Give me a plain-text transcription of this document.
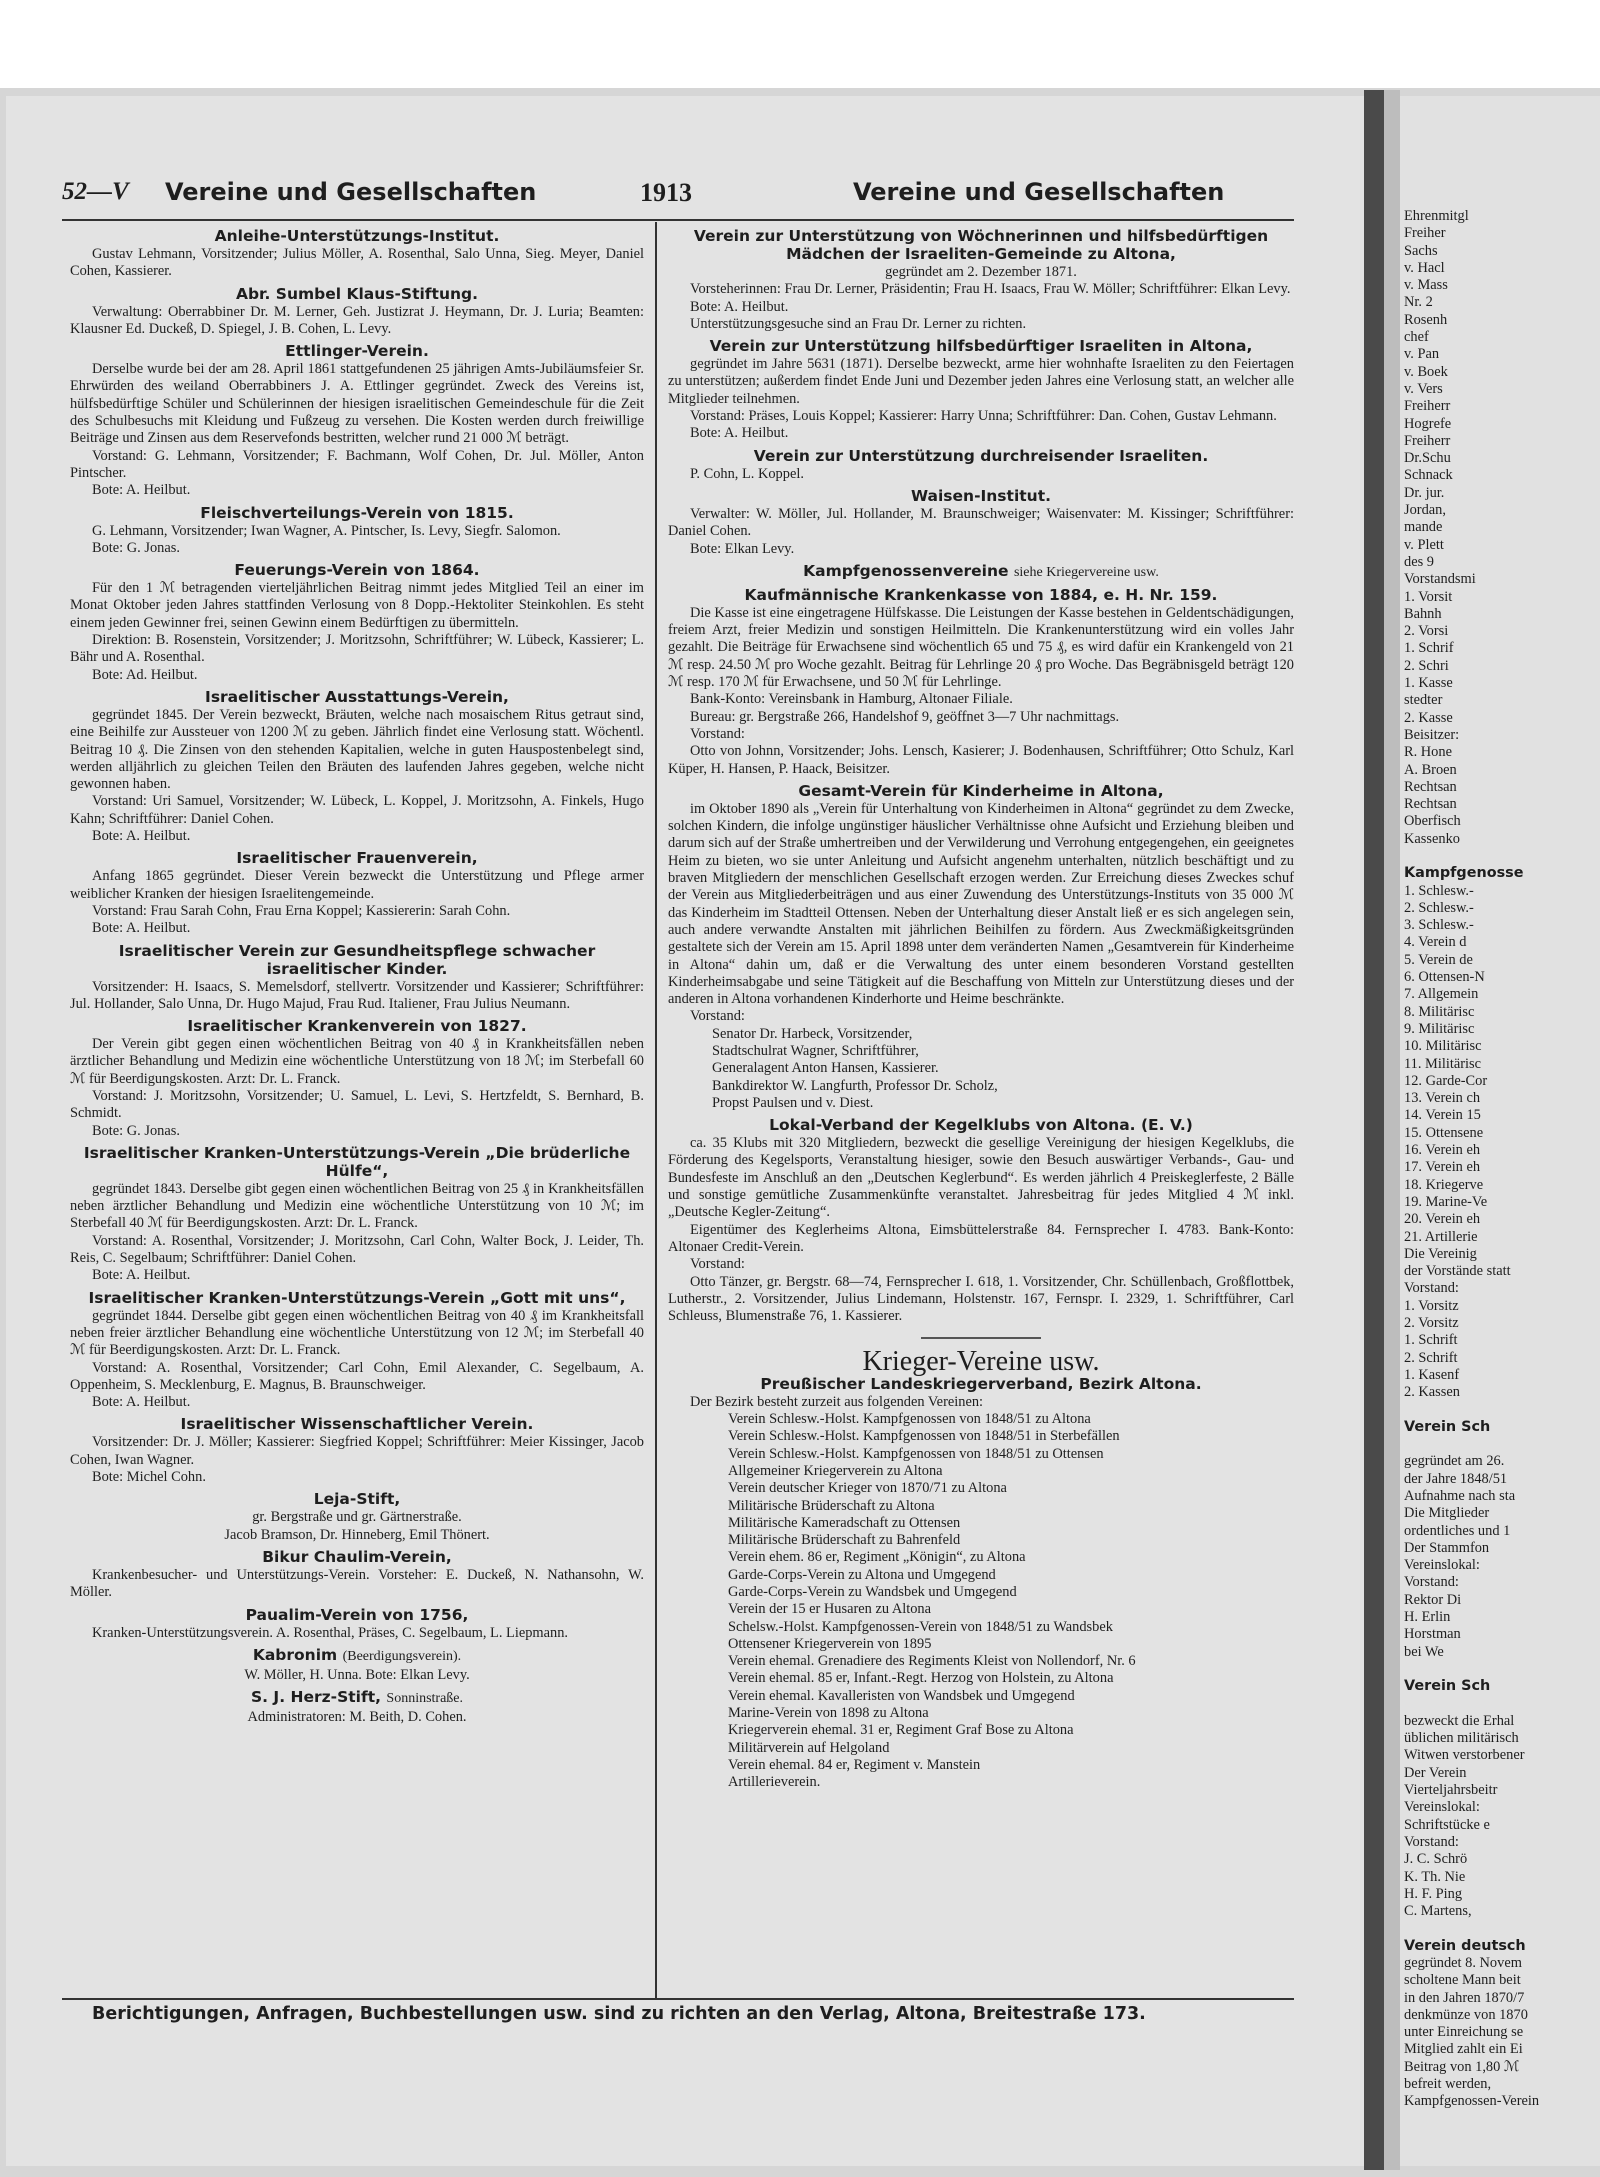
52—V Vereine und Gesellschaften	1913	Vereine und Gesellschaften
Anleihe-Unterstützungs-Institut.

Gustav Lehmann, Vorsitzender; Julius Möller, A. Rosenthal, Salo Unna, Sieg. Meyer, Daniel Cohen, Kassierer.

Abr. Sumbel Klaus-Stiftung.

Verwaltung: Oberrabbiner Dr. M. Lerner, Geh. Justizrat J. Heymann, Dr. J. Luria; Beamten: Klausner Ed. Duckeß, D. Spiegel, J. B. Cohen, L. Levy.

Ettlinger-Verein.

Derselbe wurde bei der am 28. April 1861 stattgefundenen 25 jährigen Amts-Jubiläumsfeier Sr. Ehrwürden des weiland Oberrabbiners J. A. Ettlinger gegründet. Zweck des Vereins ist, hülfsbedürftige Schüler und Schülerinnen der hiesigen israelitischen Gemeindeschule für die Zeit des Schulbesuchs mit Kleidung und Fußzeug zu versehen. Die Kosten werden durch freiwillige Beiträge und Zinsen aus dem Reservefonds bestritten, welcher rund 21 000 ℳ beträgt.

Vorstand: G. Lehmann, Vorsitzender; F. Bachmann, Wolf Cohen, Dr. Jul. Möller, Anton Pintscher.

Bote: A. Heilbut.

Fleischverteilungs-Verein von 1815.

G. Lehmann, Vorsitzender; Iwan Wagner, A. Pintscher, Is. Levy, Siegfr. Salomon.

Bote: G. Jonas.

Feuerungs-Verein von 1864.

Für den 1 ℳ betragenden vierteljährlichen Beitrag nimmt jedes Mitglied Teil an einer im Monat Oktober jeden Jahres stattfinden Verlosung von 8 Dopp.-Hektoliter Steinkohlen. Es steht einem jeden Gewinner frei, seinen Gewinn einem Bedürftigen zu übermitteln.

Direktion: B. Rosenstein, Vorsitzender; J. Moritzsohn, Schriftführer; W. Lübeck, Kassierer; L. Bähr und A. Rosenthal.

Bote: Ad. Heilbut.

Israelitischer Ausstattungs-Verein,

gegründet 1845. Der Verein bezweckt, Bräuten, welche nach mosaischem Ritus getraut sind, eine Beihilfe zur Aussteuer von 1200 ℳ zu geben. Jährlich findet eine Verlosung statt. Wöchentl. Beitrag 10 ₰. Die Zinsen von den stehenden Kapitalien, welche in guten Hauspostenbelegt sind, werden alljährlich zu gleichen Teilen den Bräuten des laufenden Jahres gegeben, welche nicht gewonnen haben.

Vorstand: Uri Samuel, Vorsitzender; W. Lübeck, L. Koppel, J. Moritzsohn, A. Finkels, Hugo Kahn; Schriftführer: Daniel Cohen.

Bote: A. Heilbut.

Israelitischer Frauenverein,

Anfang 1865 gegründet. Dieser Verein bezweckt die Unterstützung und Pflege armer weiblicher Kranken der hiesigen Israelitengemeinde.

Vorstand: Frau Sarah Cohn, Frau Erna Koppel; Kassiererin: Sarah Cohn.

Bote: A. Heilbut.

Israelitischer Verein zur Gesundheitspflege schwacher israelitischer Kinder.

Vorsitzender: H. Isaacs, S. Memelsdorf, stellvertr. Vorsitzender und Kassierer; Schriftführer: Jul. Hollander, Salo Unna, Dr. Hugo Majud, Frau Rud. Italiener, Frau Julius Neumann.

Israelitischer Krankenverein von 1827.

Der Verein gibt gegen einen wöchentlichen Beitrag von 40 ₰ in Krankheitsfällen neben ärztlicher Behandlung und Medizin eine wöchentliche Unterstützung von 18 ℳ; im Sterbefall 60 ℳ für Beerdigungskosten. Arzt: Dr. L. Franck.

Vorstand: J. Moritzsohn, Vorsitzender; U. Samuel, L. Levi, S. Hertzfeldt, S. Bernhard, B. Schmidt.

Bote: G. Jonas.

Israelitischer Kranken-Unterstützungs-Verein „Die brüderliche Hülfe“,

gegründet 1843. Derselbe gibt gegen einen wöchentlichen Beitrag von 25 ₰ in Krankheitsfällen neben ärztlicher Behandlung und Medizin eine wöchentliche Unterstützung von 10 ℳ; im Sterbefall 40 ℳ für Beerdigungskosten. Arzt: Dr. L. Franck.

Vorstand: A. Rosenthal, Vorsitzender; J. Moritzsohn, Carl Cohn, Walter Bock, J. Leider, Th. Reis, C. Segelbaum; Schriftführer: Daniel Cohen.

Bote: A. Heilbut.

Israelitischer Kranken-Unterstützungs-Verein „Gott mit uns“,

gegründet 1844. Derselbe gibt gegen einen wöchentlichen Beitrag von 40 ₰ im Krankheitsfall neben freier ärztlicher Behandlung eine wöchentliche Unterstützung von 12 ℳ; im Sterbefall 40 ℳ für Beerdigungskosten. Arzt: Dr. L. Franck.

Vorstand: A. Rosenthal, Vorsitzender; Carl Cohn, Emil Alexander, C. Segelbaum, A. Oppenheim, S. Mecklenburg, E. Magnus, B. Braunschweiger.

Bote: A. Heilbut.

Israelitischer Wissenschaftlicher Verein.

Vorsitzender: Dr. J. Möller; Kassierer: Siegfried Koppel; Schriftführer: Meier Kissinger, Jacob Cohen, Iwan Wagner.

Bote: Michel Cohn.

Leja-Stift,
gr. Bergstraße und gr. Gärtnerstraße.
Jacob Bramson, Dr. Hinneberg, Emil Thönert.
Bikur Chaulim-Verein,

Krankenbesucher- und Unterstützungs-Verein. Vorsteher: E. Duckeß, N. Nathansohn, W. Möller.

Paualim-Verein von 1756,

Kranken-Unterstützungsverein. A. Rosenthal, Präses, C. Segelbaum, L. Liepmann.

Kabronim (Beerdigungsverein).
W. Möller, H. Unna. Bote: Elkan Levy.
S. J. Herz-Stift, Sonninstraße.
Administratoren: M. Beith, D. Cohen.
Verein zur Unterstützung von Wöchnerinnen und hilfsbedürftigen Mädchen der Israeliten-Gemeinde zu Altona,
gegründet am 2. Dezember 1871.

Vorsteherinnen: Frau Dr. Lerner, Präsidentin; Frau H. Isaacs, Frau W. Möller; Schriftführer: Elkan Levy.

Bote: A. Heilbut.

Unterstützungsgesuche sind an Frau Dr. Lerner zu richten.

Verein zur Unterstützung hilfsbedürftiger Israeliten in Altona,

gegründet im Jahre 5631 (1871). Derselbe bezweckt, arme hier wohnhafte Israeliten zu den Feiertagen zu unterstützen; außerdem findet Ende Juni und Dezember jeden Jahres eine Verlosung statt, an welcher alle Mitglieder teilnehmen.

Vorstand: Präses, Louis Koppel; Kassierer: Harry Unna; Schriftführer: Dan. Cohen, Gustav Lehmann.

Bote: A. Heilbut.

Verein zur Unterstützung durchreisender Israeliten.

P. Cohn, L. Koppel.

Waisen-Institut.

Verwalter: W. Möller, Jul. Hollander, M. Braunschweiger; Waisenvater: M. Kissinger; Schriftführer: Daniel Cohen.

Bote: Elkan Levy.

Kampfgenossenvereine siehe Kriegervereine usw.
Kaufmännische Krankenkasse von 1884, e. H. Nr. 159.

Die Kasse ist eine eingetragene Hülfskasse. Die Leistungen der Kasse bestehen in Geldentschädigungen, freiem Arzt, freier Medizin und sonstigen Heilmitteln. Die Krankenunterstützung wird ein volles Jahr gezahlt. Die Beiträge für Erwachsene sind wöchentlich 65 und 75 ₰, es wird dafür ein Krankengeld von 21 ℳ resp. 24.50 ℳ pro Woche gezahlt. Beitrag für Lehrlinge 20 ₰ pro Woche. Das Begräbnisgeld beträgt 120 ℳ resp. 170 ℳ für Erwachsene, und 50 ℳ für Lehrlinge.

Bank-Konto: Vereinsbank in Hamburg, Altonaer Filiale.

Bureau: gr. Bergstraße 266, Handelshof 9, geöffnet 3—7 Uhr nachmittags.

Vorstand:

Otto von Johnn, Vorsitzender; Johs. Lensch, Kasierer; J. Bodenhausen, Schriftführer; Otto Schulz, Karl Küper, H. Hansen, P. Haack, Beisitzer.

Gesamt-Verein für Kinderheime in Altona,

im Oktober 1890 als „Verein für Unterhaltung von Kinderheimen in Altona“ gegründet zu dem Zwecke, solchen Kindern, die infolge ungünstiger häuslicher Verhältnisse ohne Aufsicht und Erziehung bleiben und darum sich auf der Straße umhertreiben und der Verwilderung und Verrohung entgegengehen, ein geeignetes Heim zu bieten, wo sie unter Anleitung und Aufsicht angenehm unterhalten, nützlich beschäftigt und zu braven Mitgliedern der menschlichen Gesellschaft erzogen werden. Zur Erreichung dieses Zweckes schuf der Verein aus Mitgliederbeiträgen und aus einer Zuwendung des Unterstützungs-Instituts von 35 000 ℳ das Kinderheim im Stadtteil Ottensen. Neben der Unterhaltung dieser Anstalt ließ er es sich angelegen sein, auch andere verwandte Anstalten mit jährlichen Beihilfen zu fördern. Aus Zweckmäßigkeitsgründen gestaltete sich der Verein am 15. April 1898 unter dem veränderten Namen „Gesamtverein für Kinderheime in Altona“ dahin um, daß er die Verwaltung des unter einem besonderen Vorstand gestellten Kinderheimsabgabe und seine Tätigkeit auf die Beschaffung von Mitteln zur Unterstützung dieses und der anderen in Altona vorhandenen Kinderhorte und Heime beschränkte.

Vorstand:

Senator Dr. Harbeck, Vorsitzender,

Stadtschulrat Wagner, Schriftführer,

Generalagent Anton Hansen, Kassierer.

Bankdirektor W. Langfurth, Professor Dr. Scholz,

Propst Paulsen und v. Diest.

Lokal-Verband der Kegelklubs von Altona. (E. V.)

ca. 35 Klubs mit 320 Mitgliedern, bezweckt die gesellige Vereinigung der hiesigen Kegelklubs, die Förderung des Kegelsports, Veranstaltung hiesiger, sowie den Besuch auswärtiger Verbands-, Gau- und Bundesfeste im Anschluß an den „Deutschen Keglerbund“. Es werden jährlich 4 Preiskeglerfeste, 2 Bälle und sonstige gemütliche Zusammenkünfte veranstaltet. Jahresbeitrag für jedes Mitglied 4 ℳ inkl. „Deutsche Kegler-Zeitung“.

Eigentümer des Keglerheims Altona, Eimsbüttelerstraße 84. Fernsprecher I. 4783. Bank-Konto: Altonaer Credit-Verein.

Vorstand:

Otto Tänzer, gr. Bergstr. 68—74, Fernsprecher I. 618, 1. Vorsitzender, Chr. Schüllenbach, Großflottbek, Lutherstr., 2. Vorsitzender, Julius Lindemann, Holstenstr. 167, Fernspr. I. 2329, 1. Schriftführer, Carl Schleuss, Blumenstraße 76, 1. Kassierer.

Krieger-Vereine usw.
Preußischer Landeskriegerverband, Bezirk Altona.

Der Bezirk besteht zurzeit aus folgenden Vereinen:

Verein Schlesw.-Holst. Kampfgenossen von 1848/51 zu Altona

Verein Schlesw.-Holst. Kampfgenossen von 1848/51 in Sterbefällen

Verein Schlesw.-Holst. Kampfgenossen von 1848/51 zu Ottensen

Allgemeiner Kriegerverein zu Altona

Verein deutscher Krieger von 1870/71 zu Altona

Militärische Brüderschaft zu Altona

Militärische Kameradschaft zu Ottensen

Militärische Brüderschaft zu Bahrenfeld

Verein ehem. 86 er, Regiment „Königin“, zu Altona

Garde-Corps-Verein zu Altona und Umgegend

Garde-Corps-Verein zu Wandsbek und Umgegend

Verein der 15 er Husaren zu Altona

Schelsw.-Holst. Kampfgenossen-Verein von 1848/51 zu Wandsbek

Ottensener Kriegerverein von 1895

Verein ehemal. Grenadiere des Regiments Kleist von Nollendorf, Nr. 6

Verein ehemal. 85 er, Infant.-Regt. Herzog von Holstein, zu Altona

Verein ehemal. Kavalleristen von Wandsbek und Umgegend

Marine-Verein von 1898 zu Altona

Kriegerverein ehemal. 31 er, Regiment Graf Bose zu Altona

Militärverein auf Helgoland

Verein ehemal. 84 er, Regiment v. Manstein

Artillerieverein.

Berichtigungen, Anfragen, Buchbestellungen usw. sind zu richten an den Verlag, Altona, Breitestraße 173.
Ehrenmitgl
Freiher
Sachs
v. Hacl
v. Mass
Nr. 2
Rosenh
chef
v. Pan
v. Boek
v. Vers
Freiherr
Hogrefe
Freiherr
Dr.Schu
Schnack
Dr. jur.
Jordan,
mande
v. Plett
des 9
Vorstandsmi
1. Vorsit
Bahnh
2. Vorsi
1. Schrif
2. Schri
1. Kasse
stedter
2. Kasse
Beisitzer:
R. Hone
A. Broen
Rechtsan
Rechtsan
Oberfisch
Kassenko
Kampfgenosse
1. Schlesw.-
2. Schlesw.-
3. Schlesw.-
4. Verein d
5. Verein de
6. Ottensen-N
7. Allgemein
8. Militärisc
9. Militärisc
10. Militärisc
11. Militärisc
12. Garde-Cor
13. Verein ch
14. Verein 15
15. Ottensene
16. Verein eh
17. Verein eh
18. Kriegerve
19. Marine-Ve
20. Verein eh
21. Artillerie
Die Vereinig
der Vorstände statt
Vorstand:
1. Vorsitz
2. Vorsitz
1. Schrift
2. Schrift
1. Kasenf
2. Kassen
Verein Sch
gegründet am 26.
der Jahre 1848/51
Aufnahme nach sta
Die Mitglieder
ordentliches und 1
Der Stammfon
Vereinslokal:
Vorstand:
Rektor Di
H. Erlin
Horstman
bei We
Verein Sch
bezweckt die Erhal
üblichen militärisch
Witwen verstorbener
Der Verein
Vierteljahrsbeitr
Vereinslokal:
Schriftstücke e
Vorstand:
J. C. Schrö
K. Th. Nie
H. F. Ping
C. Martens,
Verein deutsch
gegründet 8. Novem
scholtene Mann beit
in den Jahren 1870/7
denkmünze von 1870
unter Einreichung se
Mitglied zahlt ein Ei
Beitrag von 1,80 ℳ
befreit werden,
Kampfgenossen-Verein
